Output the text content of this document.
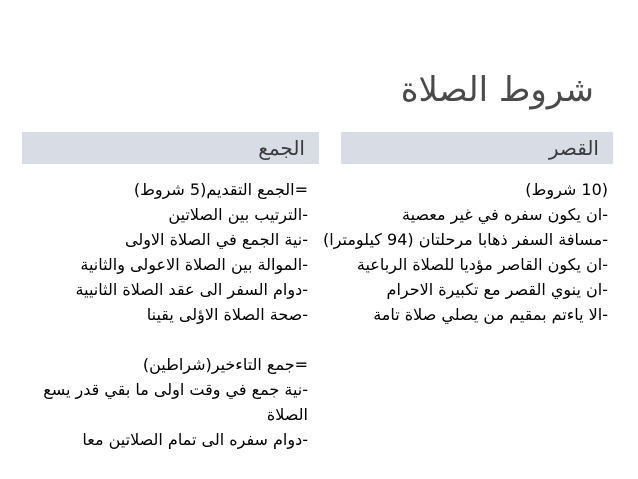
شروط الصلاة
القصر
الجمع
(10 شروط)
-ان يكون سفره في غير معصية
-مسافة السفر ذهابا مرحلتان (94 كيلومترا)
-ان يكون القاصر مؤديا للصلاة الرباعية
-ان ينوي القصر مع تكبيرة الاحرام
-الا ياءتم بمقيم من يصلي صلاة تامة
=الجمع التقديم(5 شروط)
-الترتيب بين الصلاتين
-نية الجمع في الصلاة الاولى
-الموالة بين الصلاة الاعولى والثانية
-دوام السفر الى عقد الصلاة الثانيية
-صحة الصلاة الاؤلى يقينا
=جمع التاءخير(شراطين)
-نية جمع في وقت اولى ما بقي قدر يسع الصلاة
-دوام سفره الى تمام الصلاتين معا
